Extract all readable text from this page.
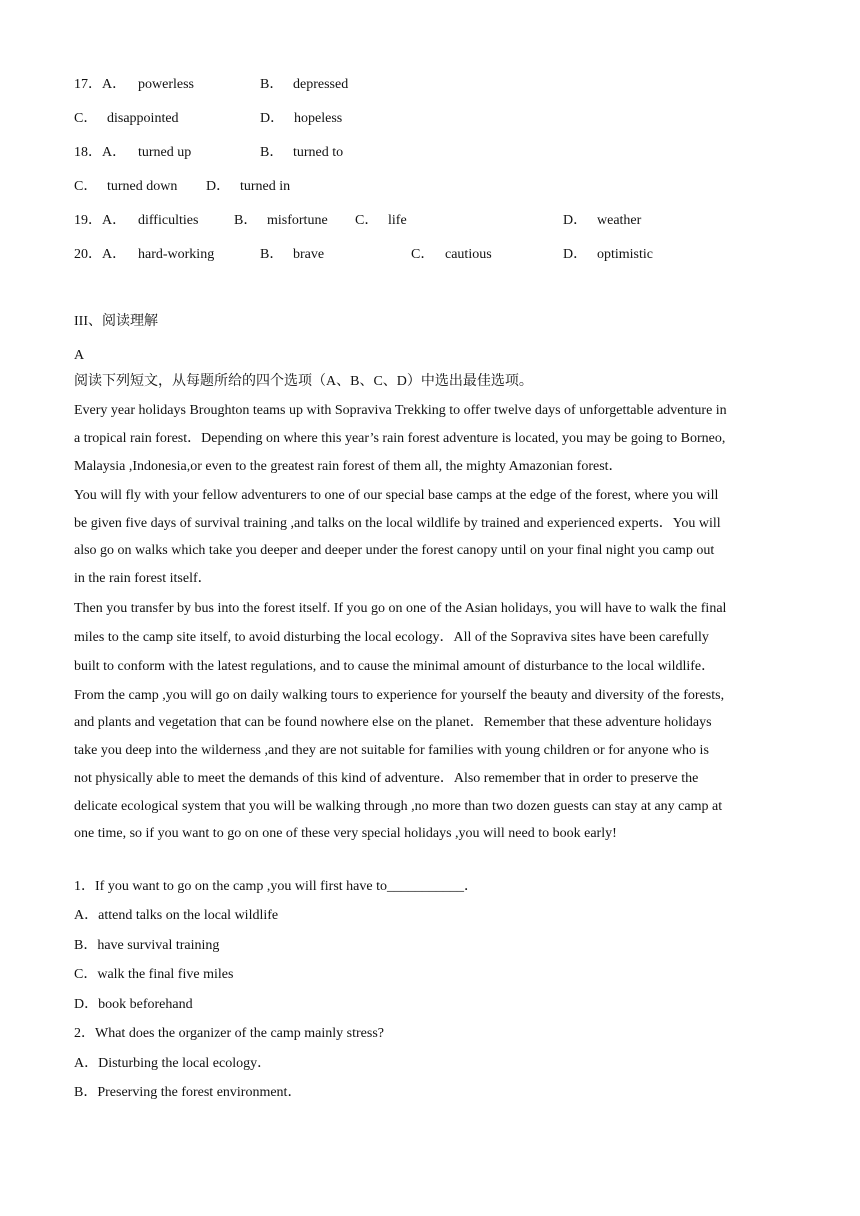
17．A． powerless	B． depressed
C． disappointed	D． hopeless
18．A． turned up	B． turned to
C． turned down D． turned in
19．A． difficulties	B． misfortune C． life	D． weather
20．A． hard-working	B． brave	C． cautious	D． optimistic
III、阅读理解
A
阅读下列短文，从每题所给的四个选项（A、B、C、D）中选出最佳选项。
Every year holidays Broughton teams up with Sopraviva Trekking to offer twelve days of unforgettable adventure in
a tropical rain forest．Depending on where this year’s rain forest adventure is located, you may be going to Borneo,
Malaysia ,Indonesia,or even to the greatest rain forest of them all, the mighty Amazonian forest．
You will fly with your fellow adventurers to one of our special base camps at the edge of the forest, where you will
be given five days of survival training ,and talks on the local wildlife by trained and experienced experts．You will
also go on walks which take you deeper and deeper under the forest canopy until on your final night you camp out
in the rain forest itself．
Then you transfer by bus into the forest itself. If you go on one of the Asian holidays, you will have to walk the final
miles to the camp site itself, to avoid disturbing the local ecology．All of the Sopraviva sites have been carefully
built to conform with the latest regulations, and to cause the minimal amount of disturbance to the local wildlife．
From the camp ,you will go on daily walking tours to experience for yourself the beauty and diversity of the forests,
and plants and vegetation that can be found nowhere else on the planet．Remember that these adventure holidays
take you deep into the wilderness ,and they are not suitable for families with young children or for anyone who is
not physically able to meet the demands of this kind of adventure．Also remember that in order to preserve the
delicate ecological system that you will be walking through ,no more than two dozen guests can stay at any camp at
one time, so if you want to go on one of these very special holidays ,you will need to book early!
1．If you want to go on the camp ,you will first have to___________．
A．attend talks on the local wildlife
B．have survival training
C．walk the final five miles
D．book beforehand
2．What does the organizer of the camp mainly stress?
A．Disturbing the local ecology．
B．Preserving the forest environment．
